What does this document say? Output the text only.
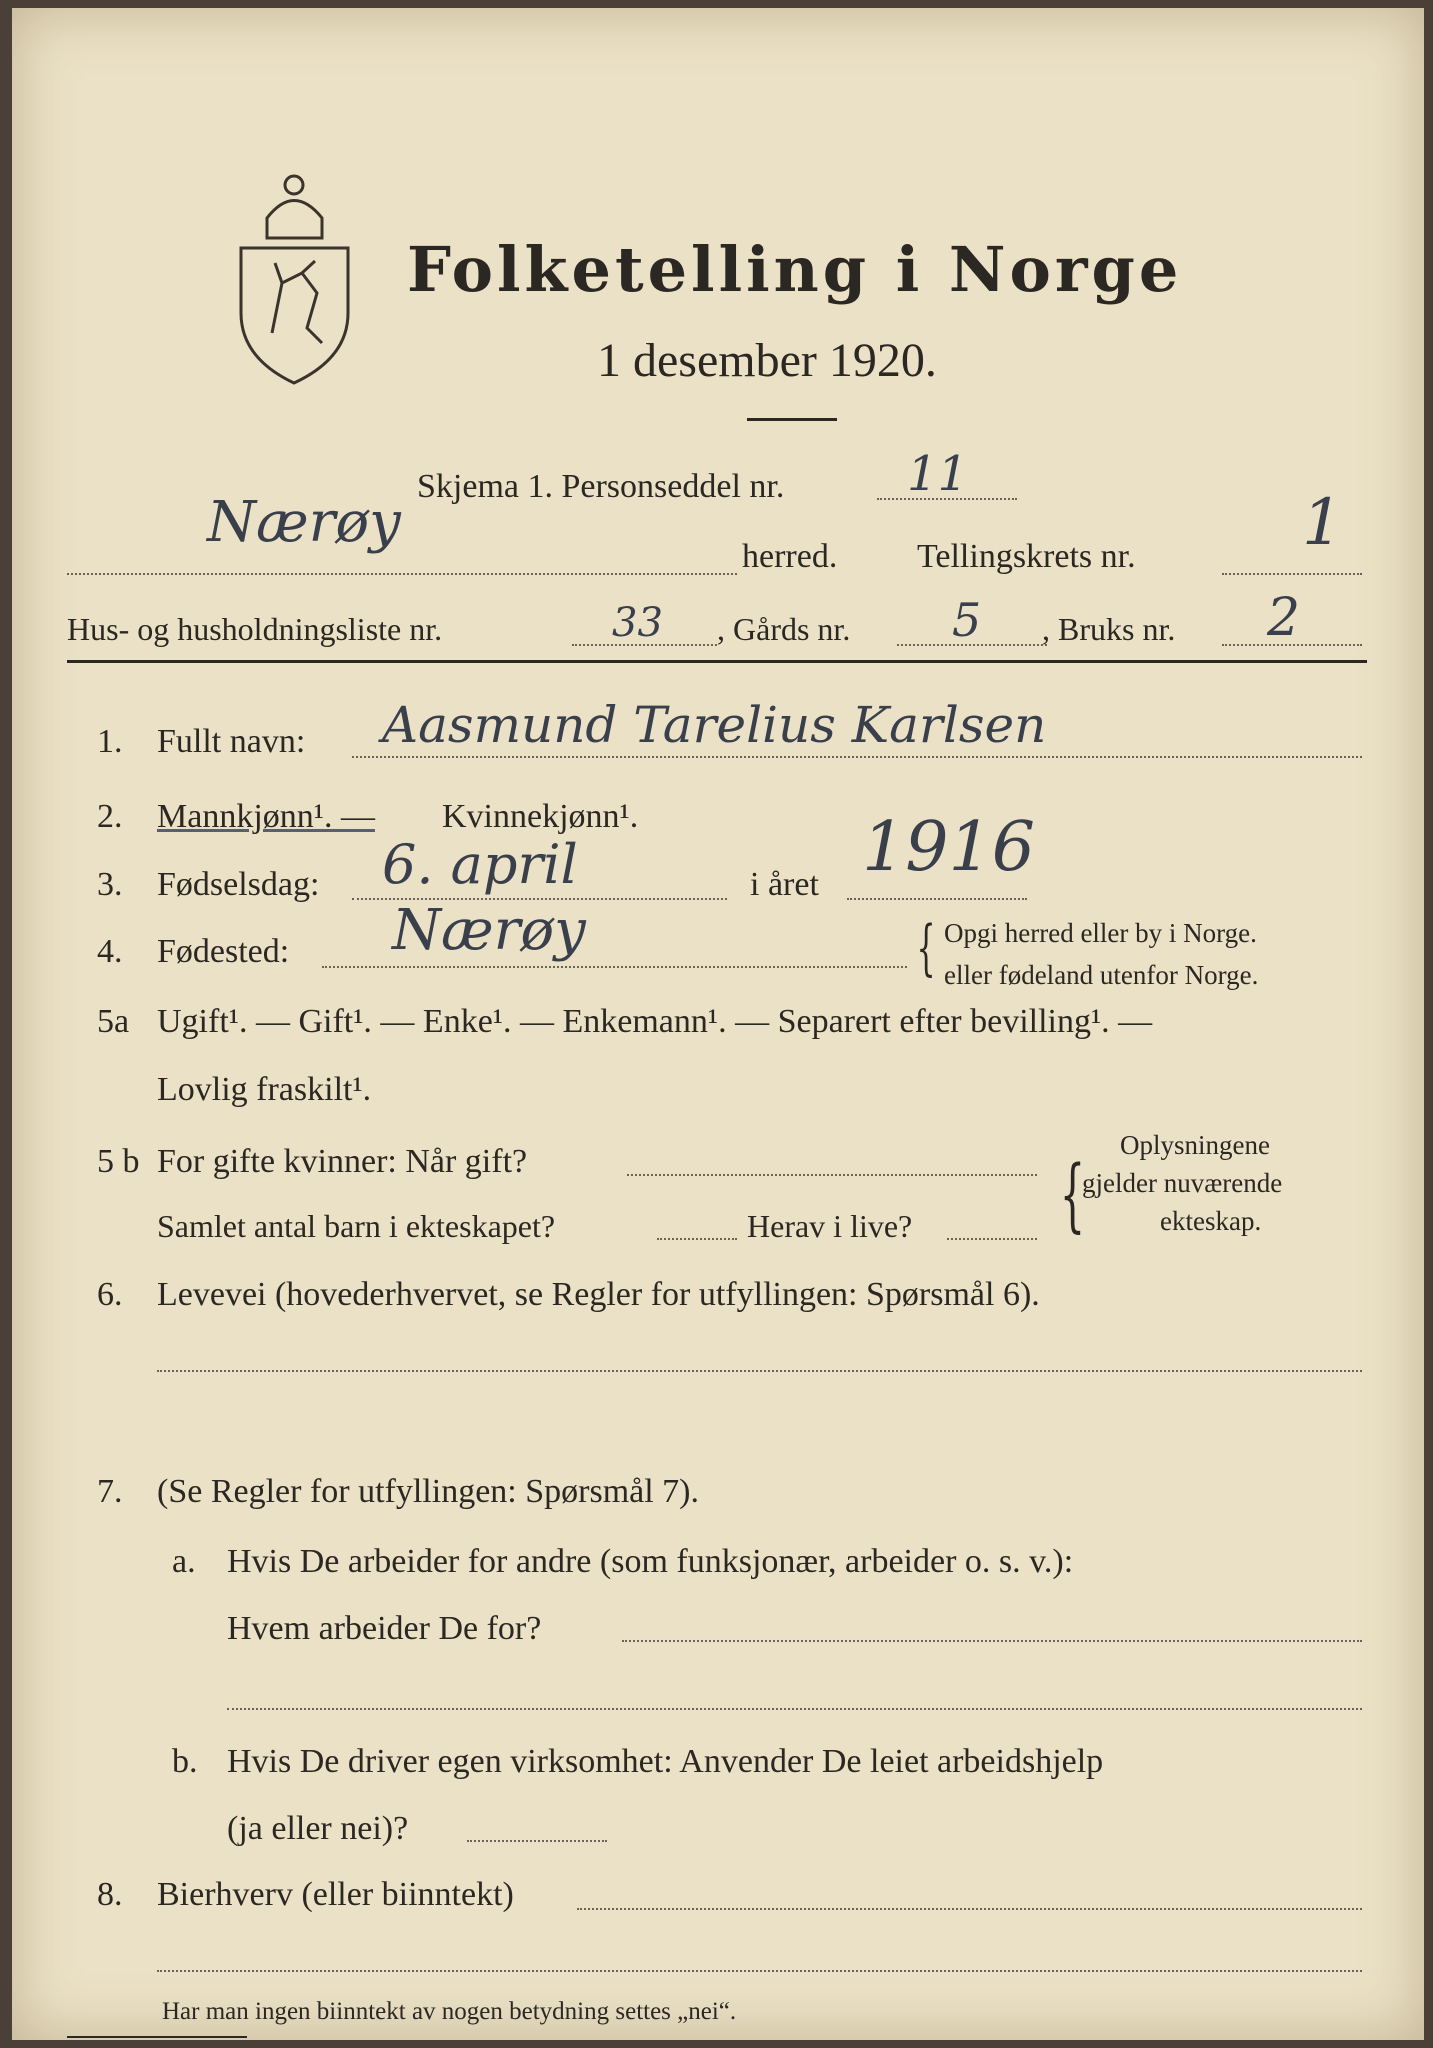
Folketelling i Norge
1 desember 1920.
Skjema 1. Personseddel nr.	11
Nærøy
herred. Tellingskrets nr.	1
Hus- og husholdningsliste nr.	33 , Gårds nr. 5 , Bruks nr. 2
1. Fullt navn: Aasmund Tarelius Karlsen
2. Mannkjønn¹. — Kvinnekjønn¹.
3. Fødselsdag: 6. april	i året 1916
4. Fødested: Nærøy	{ Opgi herred eller by i Norge.
eller fødeland utenfor Norge.
5a Ugift¹. — Gift¹. — Enke¹. — Enkemann¹. — Separert efter bevilling¹. —
Lovlig fraskilt¹.
5 b For gifte kvinner: Når gift?
Samlet antal barn i ekteskapet?	Herav i live? {
Oplysningene
gjelder nuværende
ekteskap.
6. Levevei (hovederhvervet, se Regler for utfyllingen: Spørsmål 6).
7. (Se Regler for utfyllingen: Spørsmål 7).
a. Hvis De arbeider for andre (som funksjonær, arbeider o. s. v.):
Hvem arbeider De for?
b. Hvis De driver egen virksomhet: Anvender De leiet arbeidshjelp
(ja eller nei)?
8. Bierhverv (eller biinntekt)
Har man ingen biinntekt av nogen betydning settes „nei“.
